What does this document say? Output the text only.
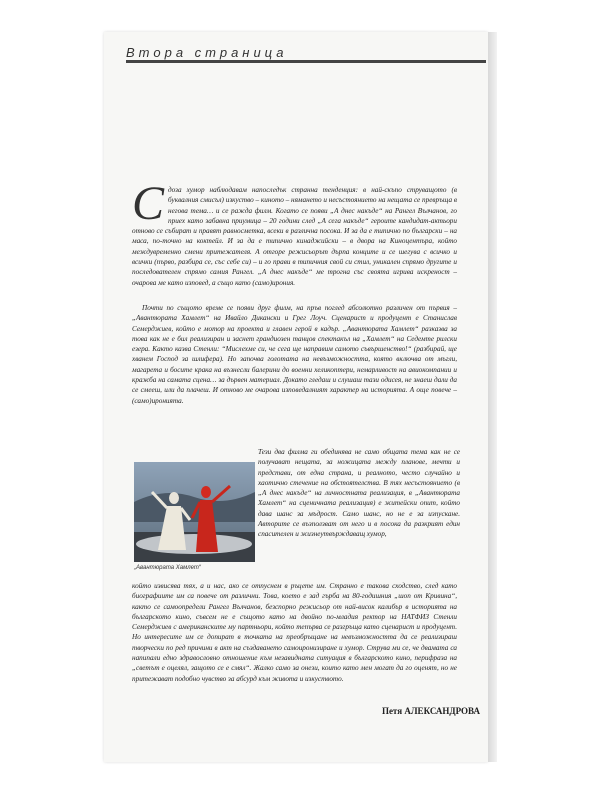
Втора страница
Сдоза хумор наблюдавам напоследък странна тенденция: в най-скъпо струващото (в буквалния смисъл) изкуство – киното – нямането и несъстоянието на нещата се превръща в неговa тема… и се ражда филм. Когато се появи „А днес накъде“ на Рангел Вълчанов, го приех като забавна приумица – 20 години след „А сега накъде“ героите кандидат-актьори отново се събират и правят равносметка, всеки в различна посока. И за да е типично по български – на маса, по-точно на коктейл. И за да е типично кинаджийски – в двора на Киноцентъра, който междувременно смени притежателя. А отгоре режисьорът дърпа конците и се шегува с всичко и всички (първо, разбира се, със себе си) – и го прави в типичния свой си стил, уникален спрямо другите и последователен спрямо самия Рангел. „А днес накъде“ ме трогна със своята игрива искреност – очарова ме като изповед, а също като (само)ирония.
Почти по същото време се появи друг филм, на пръв поглед абсолютно различен от първия – „Авантюрата Хамлет“ на Ивайло Дикански и Грег Лоуч. Сценарист и продуцент е Станислав Семерджиев, който е мотор на проекта и главен герой в кадър. „Авантюрата Хамлет“ разказва за това как не е бил реализиран и заснет грандиозен танцов спектакъл на „Хамлет“ на Седемте рилски езера. Както казва Стенли: “Мислехме си, че сега ще направим самото съвършенство!“ (разбирай, ще хванем Господ за шлифера). Но започва голотата на невъзможността, която включва от мъгли, магарета и босите крака на възнесли балерини до военни хеликоптери, немарливост на авиокомпании и кражба на самата сцена… за дървен материал. Докато гледаш и слушаш тази одисея, не знаеш дали да се смееш, или да плачеш. И отново ме очарова изповедалният характер на историята. А още повече – (само)иронията.
„Авантюрата Хамлет“
Тези два филма ги обединява не само общата тема как не се получават нещата, за ножицата между планове, мечти и представи, от една страна, и реалното, често случайно и хаотично стечение на обстоятелства. В тях несъстоянието (в „А днес накъде“ на личностната реализация, в „Авантюрата Хамлет“ на сценичната реализация) е житейски опит, който дава шанс за мъдрост. Само шанс, но не е за изпускане. Авторите се възползват от него и в посока да разкрият един спасителен и жизнеутвърждаващ хумор,
който извисява тях, а и нас, ако се отпуснем в ръцете им. Странно е такова сходство, след като биографиите им са повече от различни. Това, което е зад гърба на 80-годишния „шоп от Кривина“, както се самоопредели Рангел Вълчанов, безспорно режисьор от най-висок калибър в историята на българското кино, съвсем не е същото като на двойно по-младия ректор на НАТФИЗ Стенли Семерджиев с американските му партньори, който тепърва се разгръща като сценарист и продуцент. Но интересите им се допират в точката на преобръщане на невъзможността да се реализираш творчески по ред причини в акт на създаването самоиронизиране и хумор. Струва ми се, че двамата са напипали едно здравословно отношение към незавидната ситуация в българското кино, перифраза на „светът е оцелял, защото се е смял“. Жалко само за онези, които като мен могат да го оценят, но не притежават подобно чувство за абсурд към живота и изкуството.
Петя АЛЕКСАНДРОВА
